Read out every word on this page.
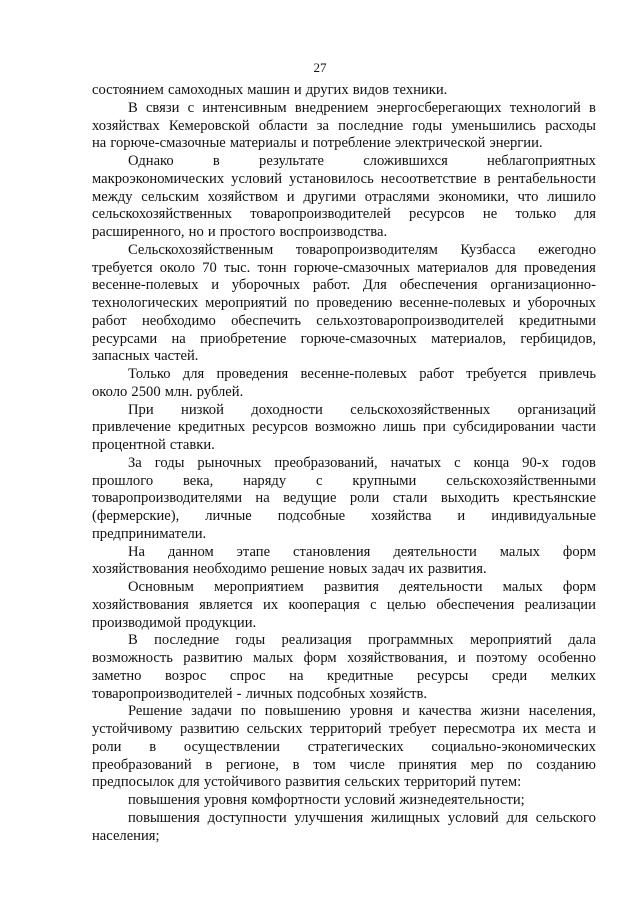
27
состоянием самоходных машин и других видов техники.
В связи с интенсивным внедрением энергосберегающих технологий в
хозяйствах Кемеровской области за последние годы уменьшились расходы
на горюче-смазочные материалы и потребление электрической энергии.
Однако	в	результате	сложившихся	неблагоприятных
макроэкономических условий установилось несоответствие в рентабельности
между сельским хозяйством и другими отраслями экономики, что лишило
сельскохозяйственных товаропроизводителей ресурсов не только для
расширенного, но и простого воспроизводства.
Сельскохозяйственным товаропроизводителям Кузбасса ежегодно
требуется около 70 тыс. тонн горюче-смазочных материалов для проведения
весенне-полевых и уборочных работ. Для обеспечения организационно-
технологических мероприятий по проведению весенне-полевых и уборочных
работ необходимо обеспечить сельхозтоваропроизводителей кредитными
ресурсами на приобретение горюче-смазочных материалов, гербицидов,
запасных частей.
Только для проведения весенне-полевых работ требуется привлечь
около 2500 млн. рублей.
При низкой доходности сельскохозяйственных организаций
привлечение кредитных ресурсов возможно лишь при субсидировании части
процентной ставки.
За годы рыночных преобразований, начатых с конца 90-х годов
прошлого века, наряду с крупными сельскохозяйственными
товаропроизводителями на ведущие роли стали выходить крестьянские
(фермерские), личные подсобные хозяйства и индивидуальные
предприниматели.
На данном этапе становления деятельности малых форм
хозяйствования необходимо решение новых задач их развития.
Основным мероприятием развития деятельности малых форм
хозяйствования является их кооперация с целью обеспечения реализации
производимой продукции.
В последние годы реализация программных мероприятий дала
возможность развитию малых форм хозяйствования, и поэтому особенно
заметно возрос спрос на кредитные ресурсы среди мелких
товаропроизводителей - личных подсобных хозяйств.
Решение задачи по повышению уровня и качества жизни населения,
устойчивому развитию сельских территорий требует пересмотра их места и
роли в осуществлении стратегических социально-экономических
преобразований в регионе, в том числе принятия мер по созданию
предпосылок для устойчивого развития сельских территорий путем:
повышения уровня комфортности условий жизнедеятельности;
повышения доступности улучшения жилищных условий для сельского
населения;
